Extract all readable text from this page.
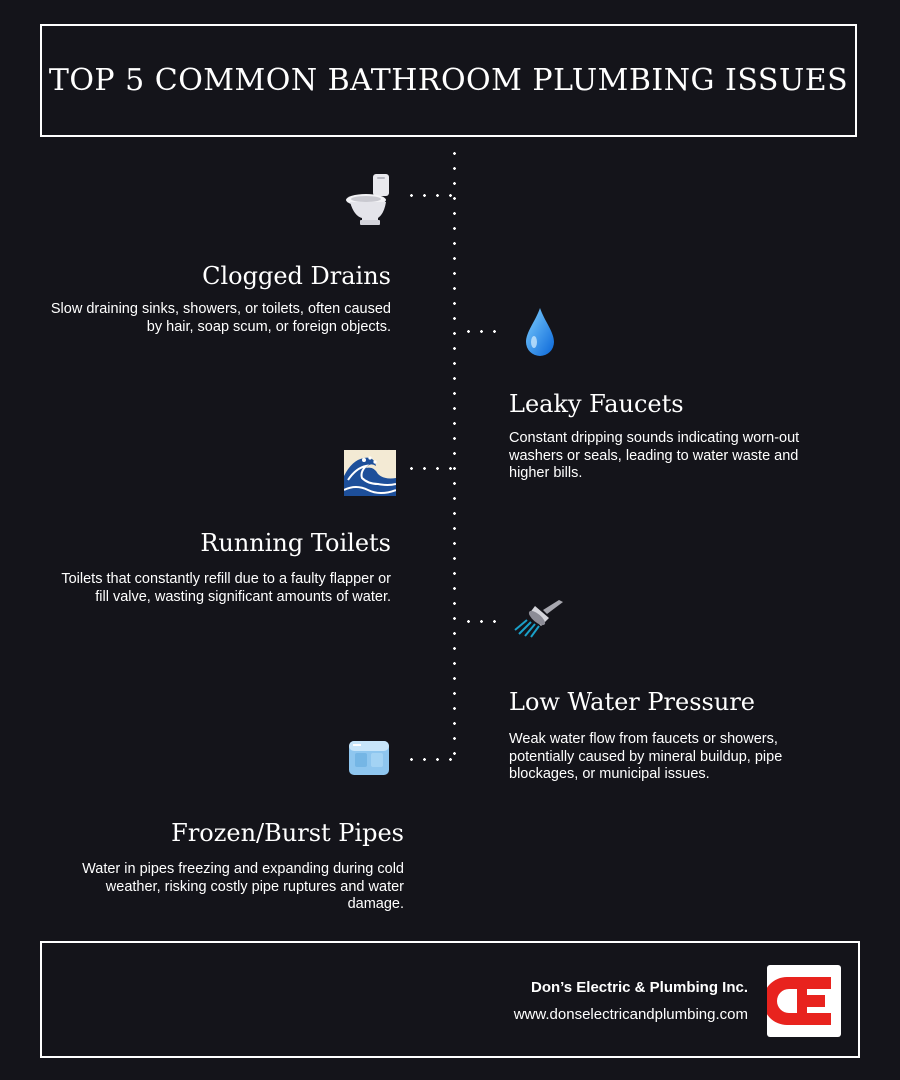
TOP 5 COMMON BATHROOM PLUMBING ISSUES
Clogged Drains

Slow draining sinks, showers, or toilets, often caused by hair, soap scum, or foreign objects.

Leaky Faucets

Constant dripping sounds indicating worn-out washers or seals, leading to water waste and higher bills.

Running Toilets

Toilets that constantly refill due to a faulty flapper or fill valve, wasting significant amounts of water.

Low Water Pressure

Weak water flow from faucets or showers, potentially caused by mineral buildup, pipe blockages, or municipal issues.

Frozen/Burst Pipes

Water in pipes freezing and expanding during cold weather, risking costly pipe ruptures and water damage.

Don’s Electric & Plumbing Inc.

www.donselectricandplumbing.com
